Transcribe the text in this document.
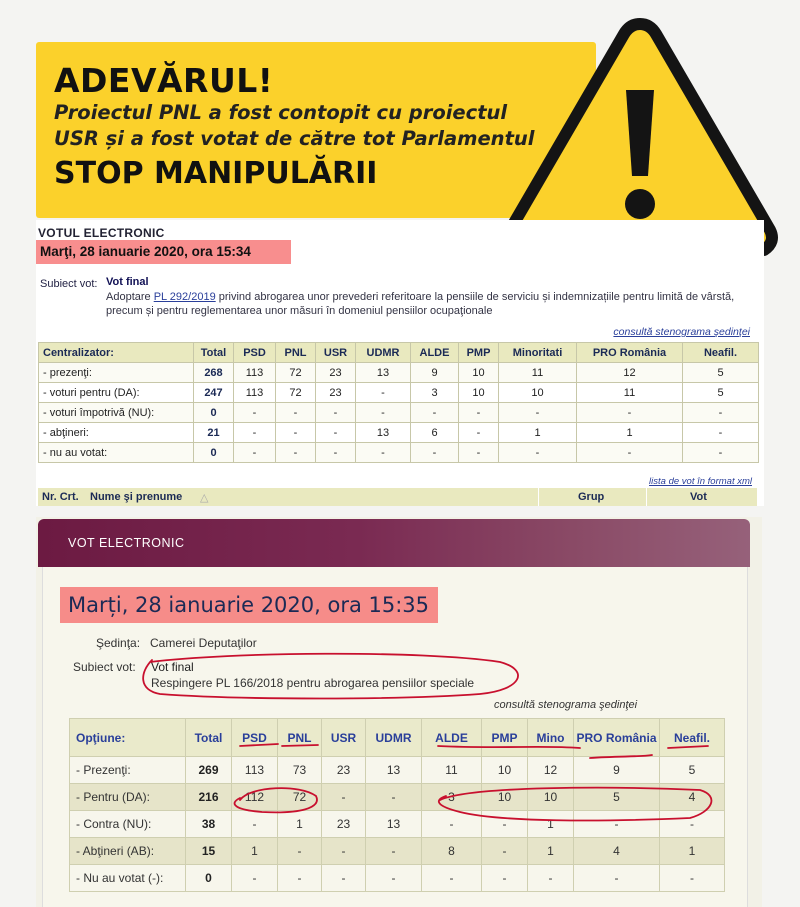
ADEVĂRUL!
Proiectul PNL a fost contopit cu proiectul
USR și a fost votat de către tot Parlamentul
STOP MANIPULĂRII
VOTUL ELECTRONIC
Marţi, 28 ianuarie 2020, ora 15:34
Subiect vot: Vot final
Adoptare PL 292/2019 privind abrogarea unor prevederi referitoare la pensiile de serviciu și indemnizațiile pentru limită de vârstă, precum și pentru reglementarea unor măsuri în domeniul pensiilor ocupaţionale
consultă stenograma şedinţei
Centralizator:	Total	PSD	PNL	USR	UDMR	ALDE	PMP	Minoritati	PRO România	Neafil.
- prezenţi:	268	113	72	23	13	9	10	11	12	5
- voturi pentru (DA):	247	113	72	23	-	3	10	10	11	5
- voturi împotrivă (NU):	0	-	-	-	-	-	-	-	-	-
- abţineri:	21	-	-	-	13	6	-	1	1	-
- nu au votat:	0	-	-	-	-	-	-	-	-	-
lista de vot în format xml
Nr. Crt. Nume şi prenume △	Grup	Vot
VOT ELECTRONIC
Marți, 28 ianuarie 2020, ora 15:35
Şedinţa: Camerei Deputaţilor
Subiect vot: Vot final
Respingere PL 166/2018 pentru abrogarea pensiilor speciale
consultă stenograma şedinţei
Opţiune:	Total	PSD	PNL	USR	UDMR	ALDE	PMP	Mino	PRO România	Neafil.
- Prezenţi:	269	113	73	23	13	11	10	12	9	5
- Pentru (DA):	216	112	72	-	-	3	10	10	5	4
- Contra (NU):	38	-	1	23	13	-	-	1	-	-
- Abţineri (AB):	15	1	-	-	-	8	-	1	4	1
- Nu au votat (-):	0	-	-	-	-	-	-	-	-	-
